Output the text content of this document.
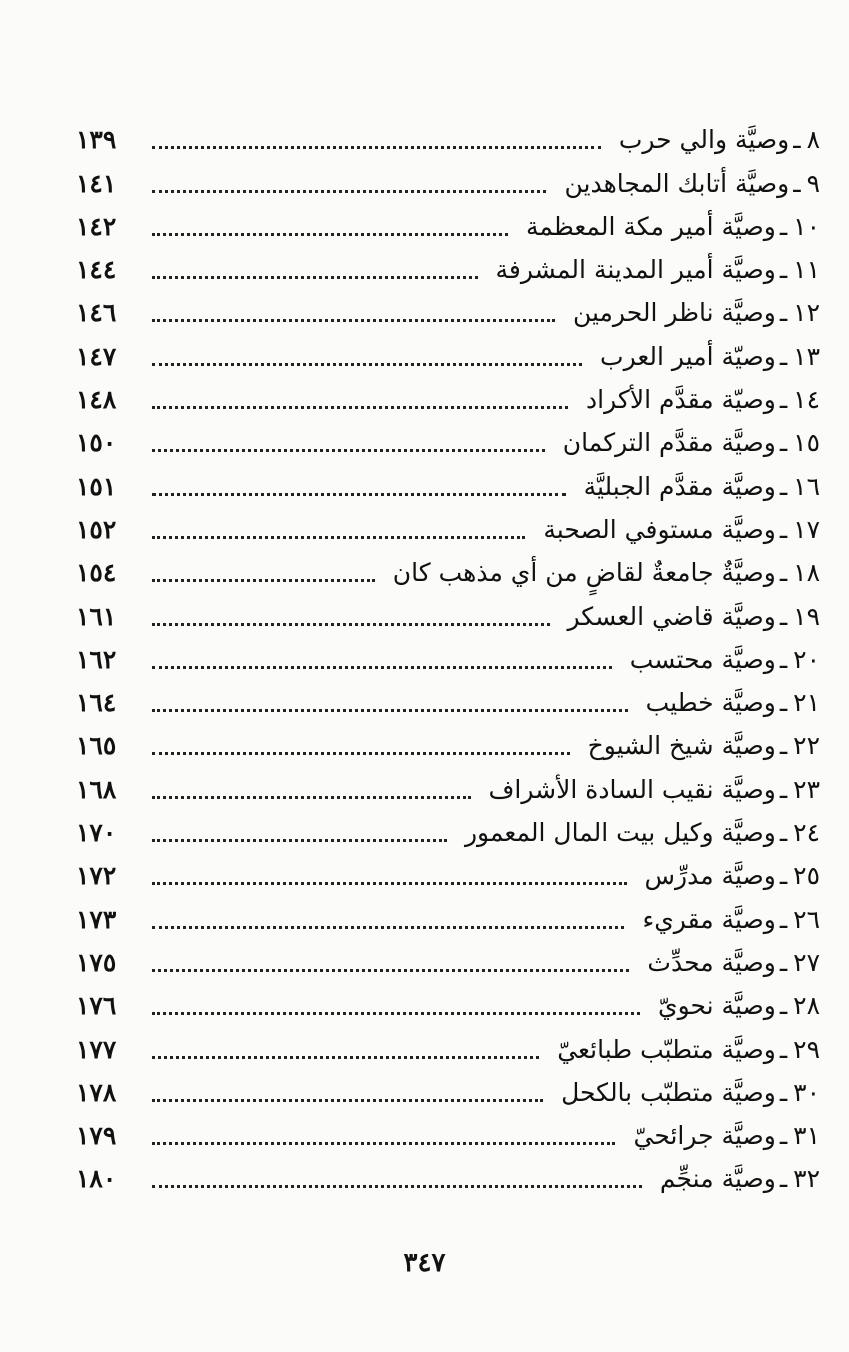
٨
ـ
وصيَّة والي حرب
١٣٩
٩
ـ
وصيَّة أتابك المجاهدين
١٤١
١٠
ـ
وصيَّة أمير مكة المعظمة
١٤٢
١١
ـ
وصيَّة أمير المدينة المشرفة
١٤٤
١٢
ـ
وصيَّة ناظر الحرمين
١٤٦
١٣
ـ
وصيّة أمير العرب
١٤٧
١٤
ـ
وصيّة مقدَّم الأكراد
١٤٨
١٥
ـ
وصيَّة مقدَّم التركمان
١٥٠
١٦
ـ
وصيَّة مقدَّم الجبليَّة
١٥١
١٧
ـ
وصيَّة مستوفي الصحبة
١٥٢
١٨
ـ
وصيَّةٌ جامعةٌ لقاضٍ من أي مذهب كان
١٥٤
١٩
ـ
وصيَّة قاضي العسكر
١٦١
٢٠
ـ
وصيَّة محتسب
١٦٢
٢١
ـ
وصيَّة خطيب
١٦٤
٢٢
ـ
وصيَّة شيخ الشيوخ
١٦٥
٢٣
ـ
وصيَّة نقيب السادة الأشراف
١٦٨
٢٤
ـ
وصيَّة وكيل بيت المال المعمور
١٧٠
٢٥
ـ
وصيَّة مدرِّس
١٧٢
٢٦
ـ
وصيَّة مقريء
١٧٣
٢٧
ـ
وصيَّة محدِّث
١٧٥
٢٨
ـ
وصيَّة نحويّ
١٧٦
٢٩
ـ
وصيَّة متطبّب طبائعيّ
١٧٧
٣٠
ـ
وصيَّة متطبّب بالكحل
١٧٨
٣١
ـ
وصيَّة جرائحيّ
١٧٩
٣٢
ـ
وصيَّة منجِّم
١٨٠
٣٤٧
